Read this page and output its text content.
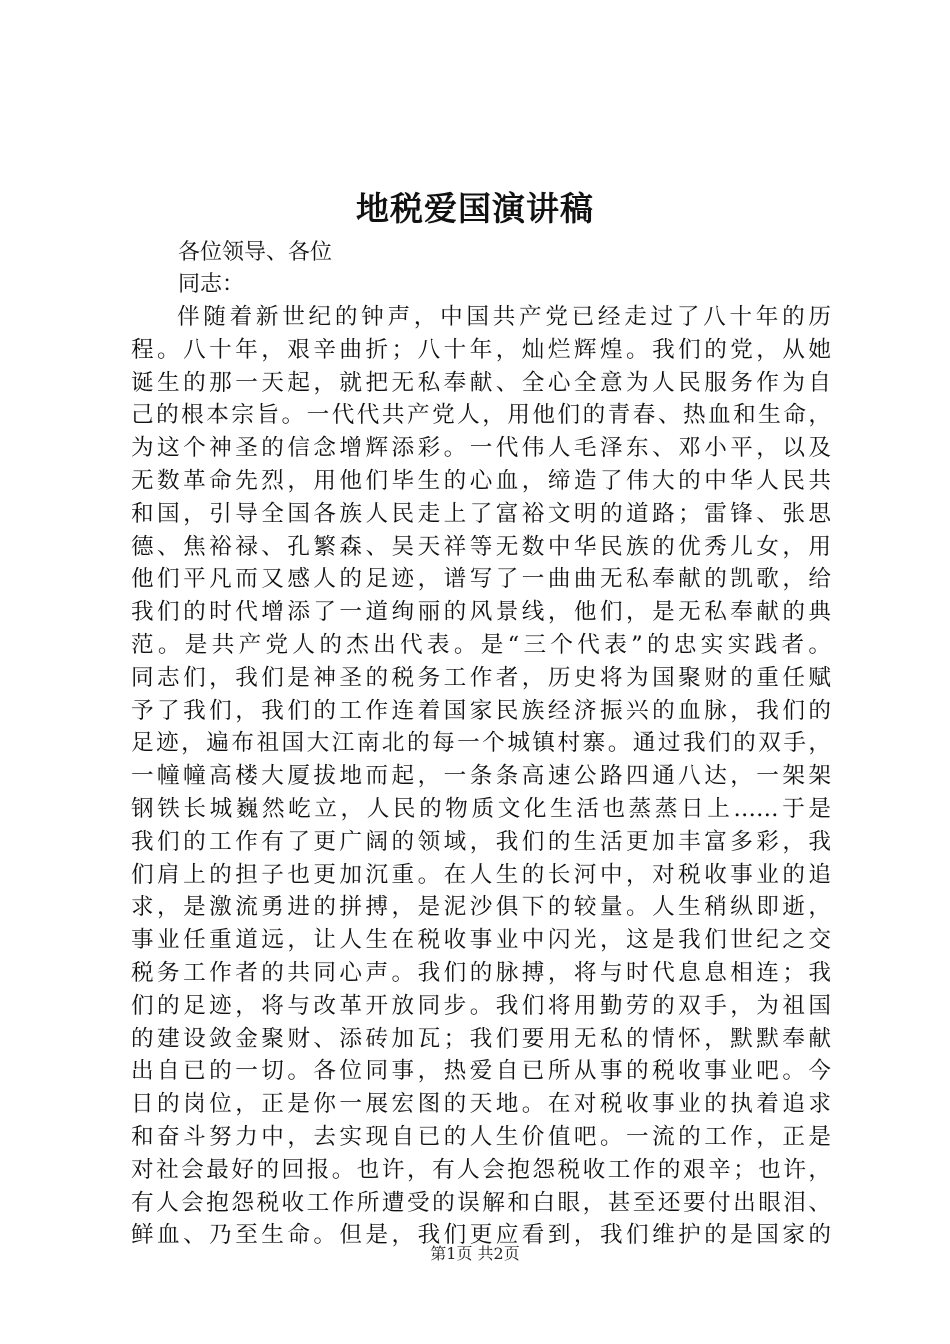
地税爱国演讲稿

各位领导、各位

同志：

伴随着新世纪的钟声，中国共产党已经走过了八十年的历
程。八十年，艰辛曲折；八十年，灿烂辉煌。我们的党，从她
诞生的那一天起，就把无私奉献、全心全意为人民服务作为自
己的根本宗旨。一代代共产党人，用他们的青春、热血和生命，
为这个神圣的信念增辉添彩。一代伟人毛泽东、邓小平，以及
无数革命先烈，用他们毕生的心血，缔造了伟大的中华人民共
和国，引导全国各族人民走上了富裕文明的道路；雷锋、张思
德、焦裕禄、孔繁森、吴天祥等无数中华民族的优秀儿女，用
他们平凡而又感人的足迹，谱写了一曲曲无私奉献的凯歌，给
我们的时代增添了一道绚丽的风景线，他们，是无私奉献的典
范。是共产党人的杰出代表。是“三个代表”的忠实实践者。
同志们，我们是神圣的税务工作者，历史将为国聚财的重任赋
予了我们，我们的工作连着国家民族经济振兴的血脉，我们的
足迹，遍布祖国大江南北的每一个城镇村寨。通过我们的双手，
一幢幢高楼大厦拔地而起，一条条高速公路四通八达，一架架
钢铁长城巍然屹立，人民的物质文化生活也蒸蒸日上……于是
我们的工作有了更广阔的领域，我们的生活更加丰富多彩，我
们肩上的担子也更加沉重。在人生的长河中，对税收事业的追
求，是激流勇进的拼搏，是泥沙俱下的较量。人生稍纵即逝，
事业任重道远，让人生在税收事业中闪光，这是我们世纪之交
税务工作者的共同心声。我们的脉搏，将与时代息息相连；我
们的足迹，将与改革开放同步。我们将用勤劳的双手，为祖国
的建设敛金聚财、添砖加瓦；我们要用无私的情怀，默默奉献
出自已的一切。各位同事，热爱自已所从事的税收事业吧。今
日的岗位，正是你一展宏图的天地。在对税收事业的执着追求
和奋斗努力中，去实现自已的人生价值吧。一流的工作，正是
对社会最好的回报。也许，有人会抱怨税收工作的艰辛；也许，
有人会抱怨税收工作所遭受的误解和白眼，甚至还要付出眼泪、
鲜血、乃至生命。但是，我们更应看到，我们维护的是国家的
第1页 共2页
